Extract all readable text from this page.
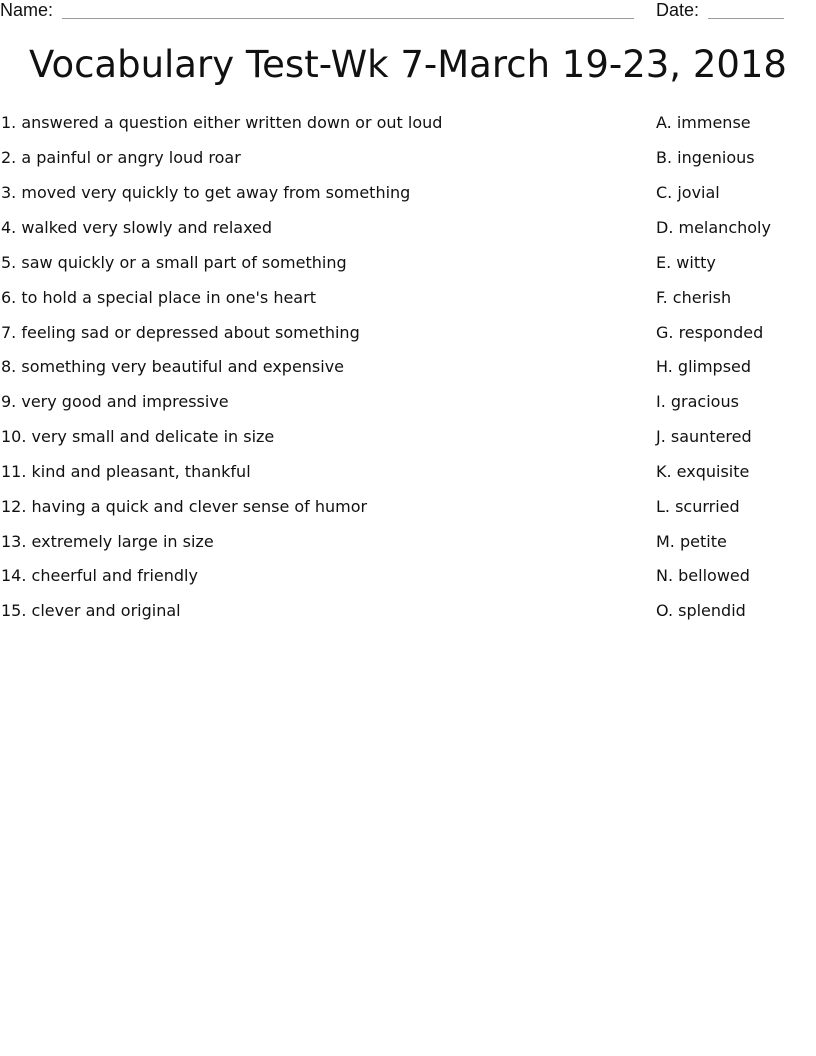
Name:	Date:
Vocabulary Test-Wk 7-March 19-23, 2018
1. answered a question either written down or out loud	A. immense
2. a painful or angry loud roar	B. ingenious
3. moved very quickly to get away from something	C. jovial
4. walked very slowly and relaxed	D. melancholy
5. saw quickly or a small part of something	E. witty
6. to hold a special place in one's heart	F. cherish
7. feeling sad or depressed about something	G. responded
8. something very beautiful and expensive	H. glimpsed
9. very good and impressive	I. gracious
10. very small and delicate in size	J. sauntered
11. kind and pleasant, thankful	K. exquisite
12. having a quick and clever sense of humor	L. scurried
13. extremely large in size	M. petite
14. cheerful and friendly	N. bellowed
15. clever and original	O. splendid
